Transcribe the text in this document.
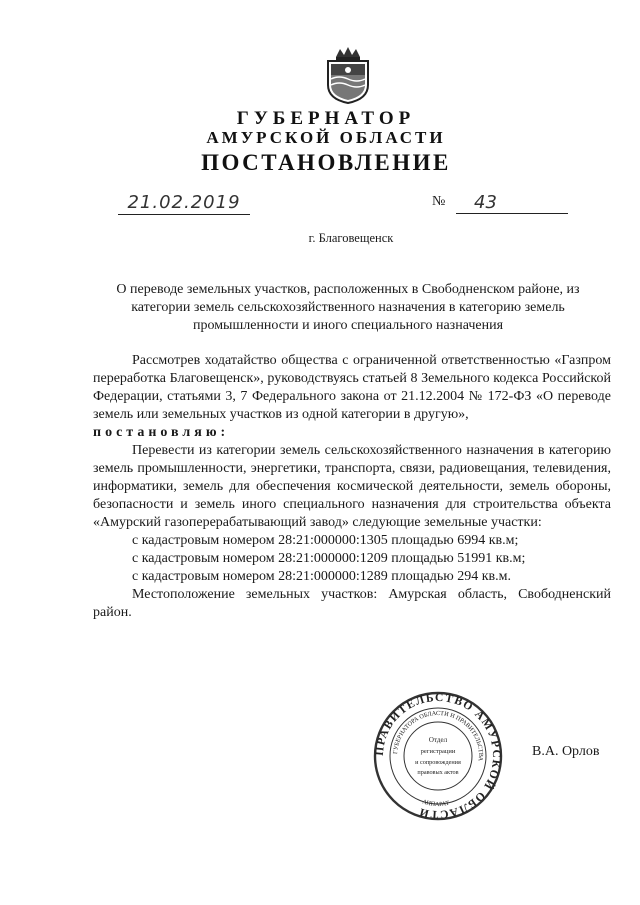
ГУБЕРНАТОР
АМУРСКОЙ ОБЛАСТИ
ПОСТАНОВЛЕНИЕ
21.02.2019	№	43
г. Благовещенск
О переводе земельных участков, расположенных в Свободненском районе, из
категории земель сельскохозяйственного назначения в категорию земель
промышленности и иного специального назначения

Рассмотрев ходатайство общества с ограниченной ответственностью «Газпром переработка Благовещенск», руководствуясь статьей 8 Земельного кодекса Российской Федерации, статьями 3, 7 Федерального закона от 21.12.2004 № 172-ФЗ «О переводе земель или земельных участков из одной категории в другую»,

постановляю:

Перевести из категории земель сельскохозяйственного назначения в категорию земель промышленности, энергетики, транспорта, связи, радиовещания, телевидения, информатики, земель для обеспечения космической деятельности, земель обороны, безопасности и земель иного специального назначения для строительства объекта «Амурский газоперерабатывающий завод» следующие земельные участки:

с кадастровым номером 28:21:000000:1305 площадью 6994 кв.м;

с кадастровым номером 28:21:000000:1209 площадью 51991 кв.м;

с кадастровым номером 28:21:000000:1289 площадью 294 кв.м.

Местоположение земельных участков: Амурская область, Свободненский район.

ПРАВИТЕЛЬСТВО АМУРСКОЙ ОБЛАСТИ
ГУБЕРНАТОРА ОБЛАСТИ И ПРАВИТЕЛЬСТВА
АППАРАТ
Отдел
регистрации
и сопровождения
правовых актов
В.А. Орлов
